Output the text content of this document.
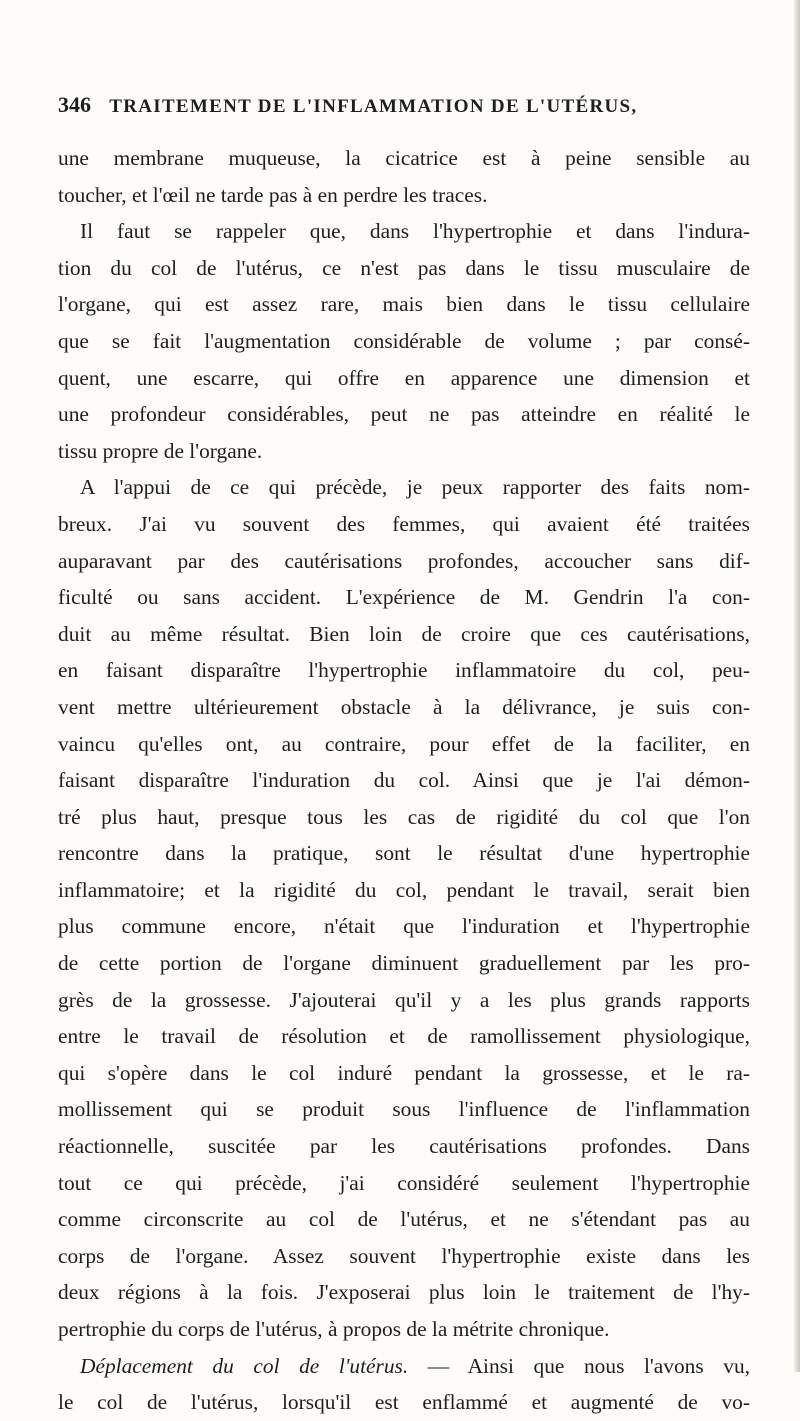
346 TRAITEMENT DE L'INFLAMMATION DE L'UTÉRUS,
une membrane muqueuse, la cicatrice est à peine sensible au
toucher, et l'œil ne tarde pas à en perdre les traces.
Il faut se rappeler que, dans l'hypertrophie et dans l'indura-
tion du col de l'utérus, ce n'est pas dans le tissu musculaire de
l'organe, qui est assez rare, mais bien dans le tissu cellulaire
que se fait l'augmentation considérable de volume ; par consé-
quent, une escarre, qui offre en apparence une dimension et
une profondeur considérables, peut ne pas atteindre en réalité le
tissu propre de l'organe.
A l'appui de ce qui précède, je peux rapporter des faits nom-
breux. J'ai vu souvent des femmes, qui avaient été traitées
auparavant par des cautérisations profondes, accoucher sans dif-
ficulté ou sans accident. L'expérience de M. Gendrin l'a con-
duit au même résultat. Bien loin de croire que ces cautérisations,
en faisant disparaître l'hypertrophie inflammatoire du col, peu-
vent mettre ultérieurement obstacle à la délivrance, je suis con-
vaincu qu'elles ont, au contraire, pour effet de la faciliter, en
faisant disparaître l'induration du col. Ainsi que je l'ai démon-
tré plus haut, presque tous les cas de rigidité du col que l'on
rencontre dans la pratique, sont le résultat d'une hypertrophie
inflammatoire; et la rigidité du col, pendant le travail, serait bien
plus commune encore, n'était que l'induration et l'hypertrophie
de cette portion de l'organe diminuent graduellement par les pro-
grès de la grossesse. J'ajouterai qu'il y a les plus grands rapports
entre le travail de résolution et de ramollissement physiologique,
qui s'opère dans le col induré pendant la grossesse, et le ra-
mollissement qui se produit sous l'influence de l'inflammation
réactionnelle, suscitée par les cautérisations profondes. Dans
tout ce qui précède, j'ai considéré seulement l'hypertrophie
comme circonscrite au col de l'utérus, et ne s'étendant pas au
corps de l'organe. Assez souvent l'hypertrophie existe dans les
deux régions à la fois. J'exposerai plus loin le traitement de l'hy-
pertrophie du corps de l'utérus, à propos de la métrite chronique.
Déplacement du col de l'utérus. — Ainsi que nous l'avons vu,
le col de l'utérus, lorsqu'il est enflammé et augmenté de vo-
